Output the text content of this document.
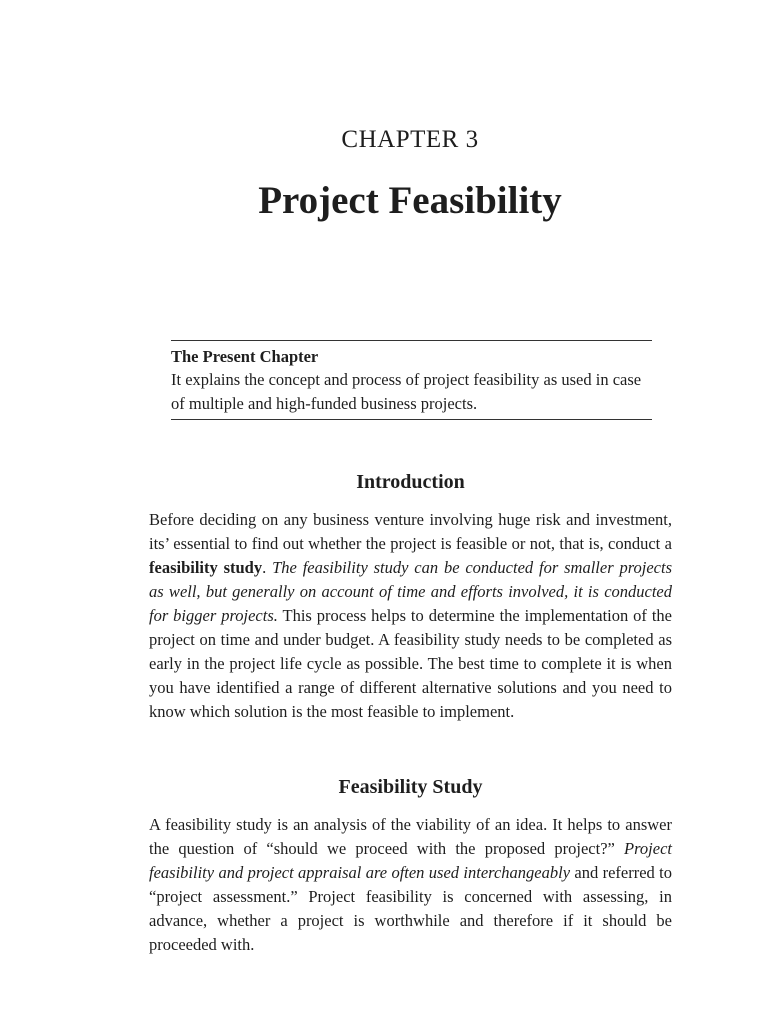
CHAPTER 3
Project Feasibility
The Present Chapter
It explains the concept and process of project feasibility as used in case of multiple and high-funded business projects.
Introduction

Before deciding on any business venture involving huge risk and investment, its’ essential to find out whether the project is feasible or not, that is, conduct a feasibility study. The feasibility study can be conducted for smaller projects as well, but generally on account of time and efforts involved, it is conducted for bigger projects. This process helps to determine the implementation of the project on time and under budget. A feasibility study needs to be completed as early in the project life cycle as possible. The best time to complete it is when you have identified a range of different alternative solutions and you need to know which solution is the most feasible to implement.

Feasibility Study

A feasibility study is an analysis of the viability of an idea. It helps to answer the question of “should we proceed with the proposed project?” Project feasibility and project appraisal are often used interchangeably and referred to “project assessment.” Project feasibility is concerned with assessing, in advance, whether a project is worthwhile and therefore if it should be proceeded with.
